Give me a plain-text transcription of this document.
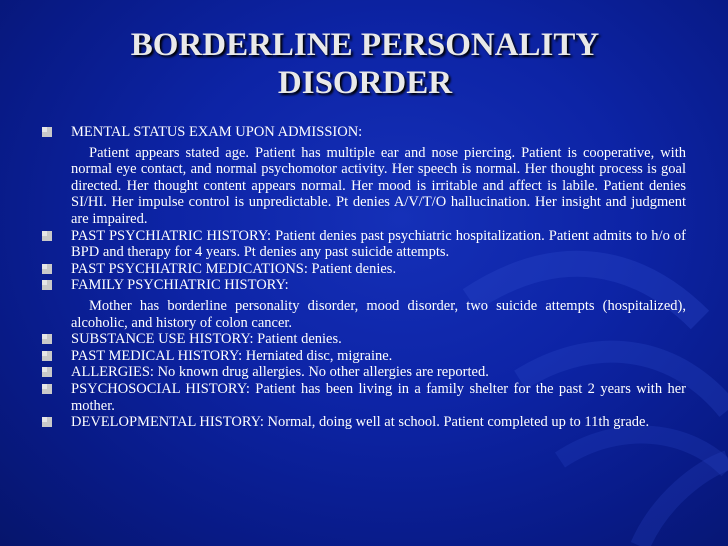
BORDERLINE PERSONALITY DISORDER
MENTAL STATUS EXAM UPON ADMISSION:
Patient appears stated age. Patient has multiple ear and nose piercing. Patient is cooperative, with normal eye contact, and normal psychomotor activity. Her speech is normal. Her thought process is goal directed. Her thought content appears normal. Her mood is irritable and affect is labile. Patient denies SI/HI. Her impulse control is unpredictable. Pt denies A/V/T/O hallucination. Her insight and judgment are impaired.
PAST PSYCHIATRIC HISTORY: Patient denies past psychiatric hospitalization. Patient admits to h/o of BPD and therapy for 4 years. Pt denies any past suicide attempts.
PAST PSYCHIATRIC MEDICATIONS: Patient denies.
FAMILY PSYCHIATRIC HISTORY:
Mother has borderline personality disorder, mood disorder, two suicide attempts (hospitalized), alcoholic, and history of colon cancer.
SUBSTANCE USE HISTORY: Patient denies.
PAST MEDICAL HISTORY: Herniated disc, migraine.
ALLERGIES: No known drug allergies. No other allergies are reported.
PSYCHOSOCIAL HISTORY: Patient has been living in a family shelter for the past 2 years with her mother.
DEVELOPMENTAL HISTORY: Normal, doing well at school. Patient completed up to 11th grade.
